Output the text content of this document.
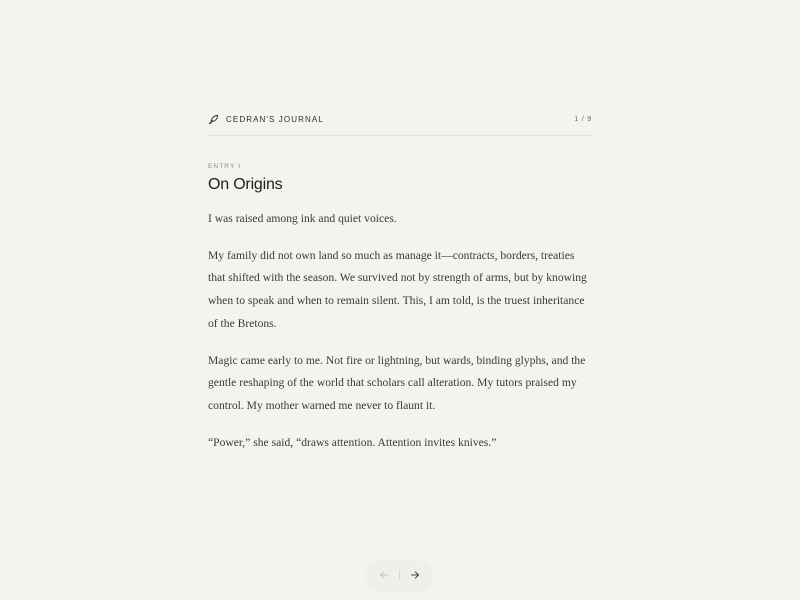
CEDRAN'S JOURNAL	1 / 9
ENTRY I
On Origins

I was raised among ink and quiet voices.

My family did not own land so much as manage it—contracts, borders, treaties that shifted with the season. We survived not by strength of arms, but by knowing when to speak and when to remain silent. This, I am told, is the truest inheritance of the Bretons.

Magic came early to me. Not fire or lightning, but wards, binding glyphs, and the gentle reshaping of the world that scholars call alteration. My tutors praised my control. My mother warned me never to flaunt it.

“Power,” she said, “draws attention. Attention invites knives.”
